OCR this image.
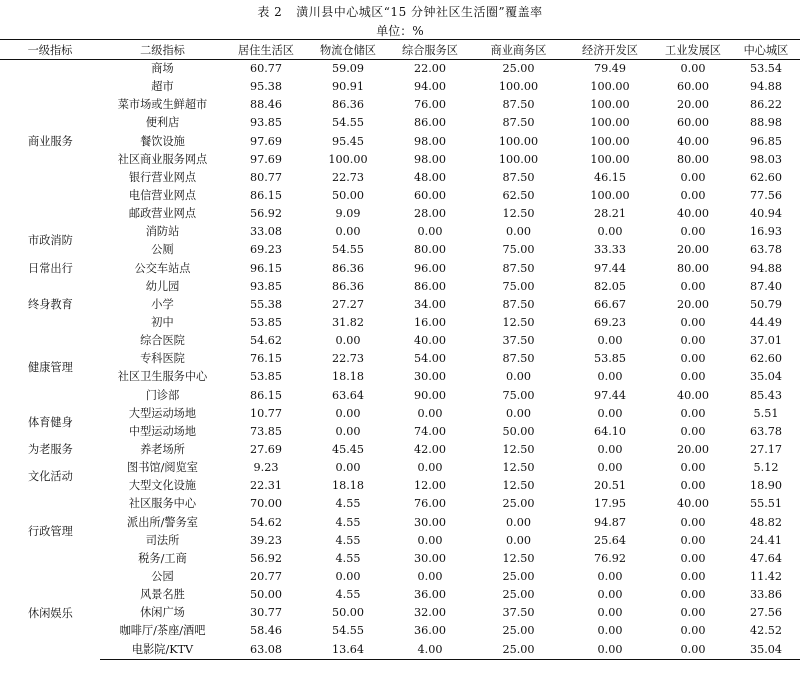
表 2 潢川县中心城区“15 分钟社区生活圈”覆盖率
单位：%
一级指标	二级指标	居住生活区	物流仓储区	综合服务区	商业商务区	经济开发区	工业发展区	中心城区
商业服务	商场	60.77	59.09	22.00	25.00	79.49	0.00	53.54
	超市	95.38	90.91	94.00	100.00	100.00	60.00	94.88
	菜市场或生鲜超市	88.46	86.36	76.00	87.50	100.00	20.00	86.22
	便利店	93.85	54.55	86.00	87.50	100.00	60.00	88.98
	餐饮设施	97.69	95.45	98.00	100.00	100.00	40.00	96.85
	社区商业服务网点	97.69	100.00	98.00	100.00	100.00	80.00	98.03
	银行营业网点	80.77	22.73	48.00	87.50	46.15	0.00	62.60
	电信营业网点	86.15	50.00	60.00	62.50	100.00	0.00	77.56
	邮政营业网点	56.92	9.09	28.00	12.50	28.21	40.00	40.94
市政消防	消防站	33.08	0.00	0.00	0.00	0.00	0.00	16.93
	公厕	69.23	54.55	80.00	75.00	33.33	20.00	63.78
日常出行	公交车站点	96.15	86.36	96.00	87.50	97.44	80.00	94.88
终身教育	幼儿园	93.85	86.36	86.00	75.00	82.05	0.00	87.40
	小学	55.38	27.27	34.00	87.50	66.67	20.00	50.79
	初中	53.85	31.82	16.00	12.50	69.23	0.00	44.49
健康管理	综合医院	54.62	0.00	40.00	37.50	0.00	0.00	37.01
	专科医院	76.15	22.73	54.00	87.50	53.85	0.00	62.60
	社区卫生服务中心	53.85	18.18	30.00	0.00	0.00	0.00	35.04
	门诊部	86.15	63.64	90.00	75.00	97.44	40.00	85.43
体育健身	大型运动场地	10.77	0.00	0.00	0.00	0.00	0.00	5.51
	中型运动场地	73.85	0.00	74.00	50.00	64.10	0.00	63.78
为老服务	养老场所	27.69	45.45	42.00	12.50	0.00	20.00	27.17
文化活动	图书馆/阅览室	9.23	0.00	0.00	12.50	0.00	0.00	5.12
	大型文化设施	22.31	18.18	12.00	12.50	20.51	0.00	18.90
行政管理	社区服务中心	70.00	4.55	76.00	25.00	17.95	40.00	55.51
	派出所/警务室	54.62	4.55	30.00	0.00	94.87	0.00	48.82
	司法所	39.23	4.55	0.00	0.00	25.64	0.00	24.41
	税务/工商	56.92	4.55	30.00	12.50	76.92	0.00	47.64
休闲娱乐	公园	20.77	0.00	0.00	25.00	0.00	0.00	11.42
	风景名胜	50.00	4.55	36.00	25.00	0.00	0.00	33.86
	休闲广场	30.77	50.00	32.00	37.50	0.00	0.00	27.56
	咖啡厅/茶座/酒吧	58.46	54.55	36.00	25.00	0.00	0.00	42.52
	电影院/KTV	63.08	13.64	4.00	25.00	0.00	0.00	35.04
